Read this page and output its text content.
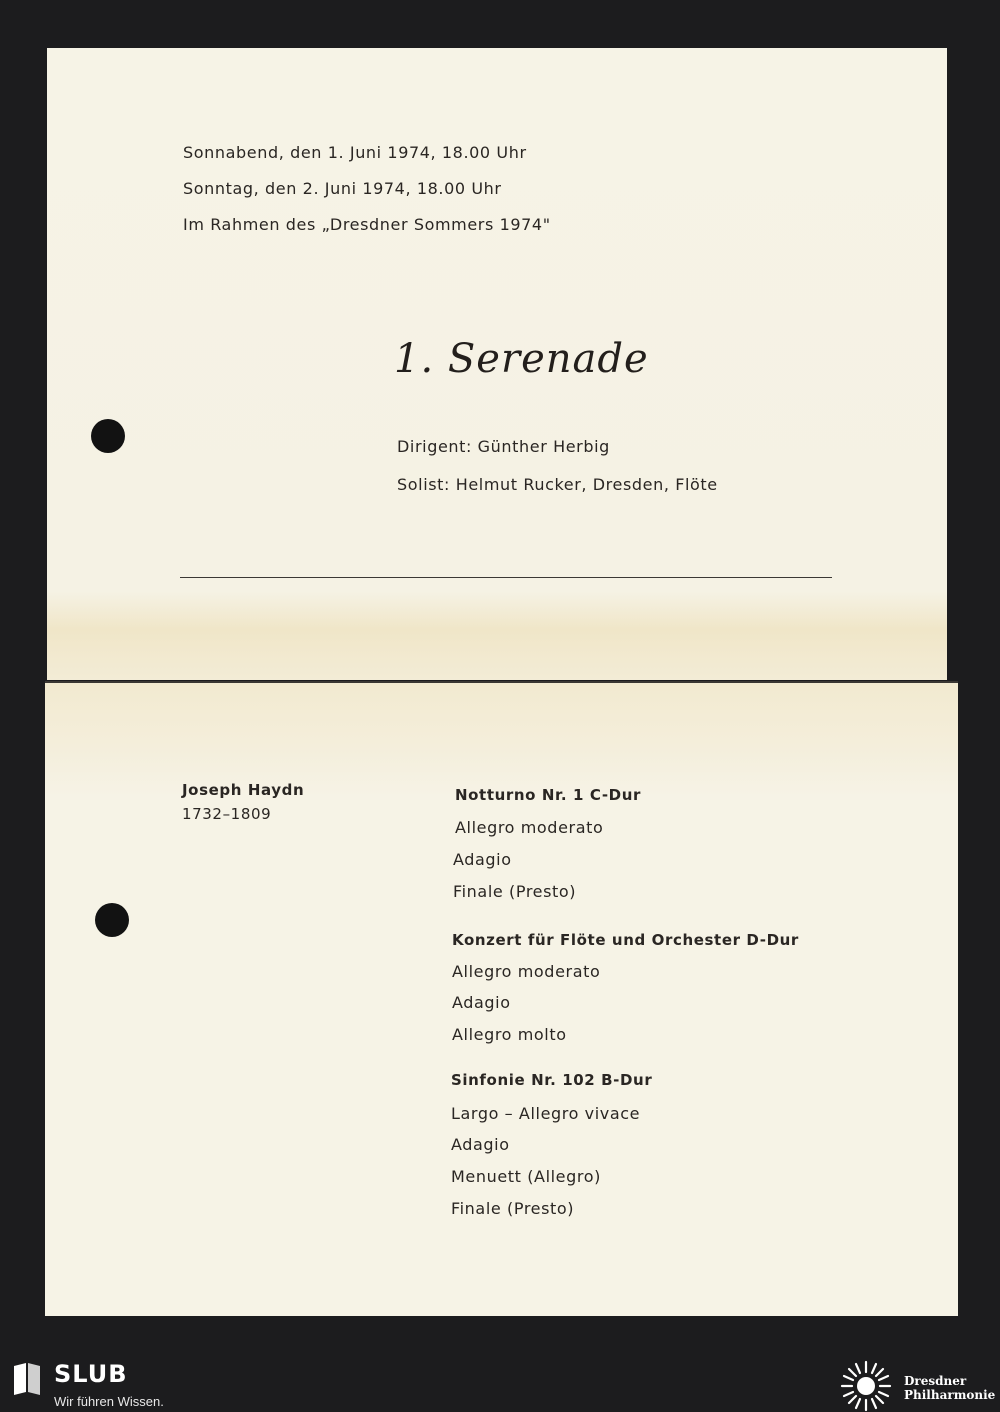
Sonnabend, den 1. Juni 1974, 18.00 Uhr
Sonntag, den 2. Juni 1974, 18.00 Uhr
Im Rahmen des „Dresdner Sommers 1974"
1. Serenade
Dirigent: Günther Herbig
Solist: Helmut Rucker, Dresden, Flöte
Joseph Haydn
1732–1809
Notturno Nr. 1 C-Dur
Allegro moderato
Adagio
Finale (Presto)
Konzert für Flöte und Orchester D-Dur
Allegro moderato
Adagio
Allegro molto
Sinfonie Nr. 102 B-Dur
Largo – Allegro vivace
Adagio
Menuett (Allegro)
Finale (Presto)
SLUB
Wir führen Wissen.
Dresdner
Philharmonie
